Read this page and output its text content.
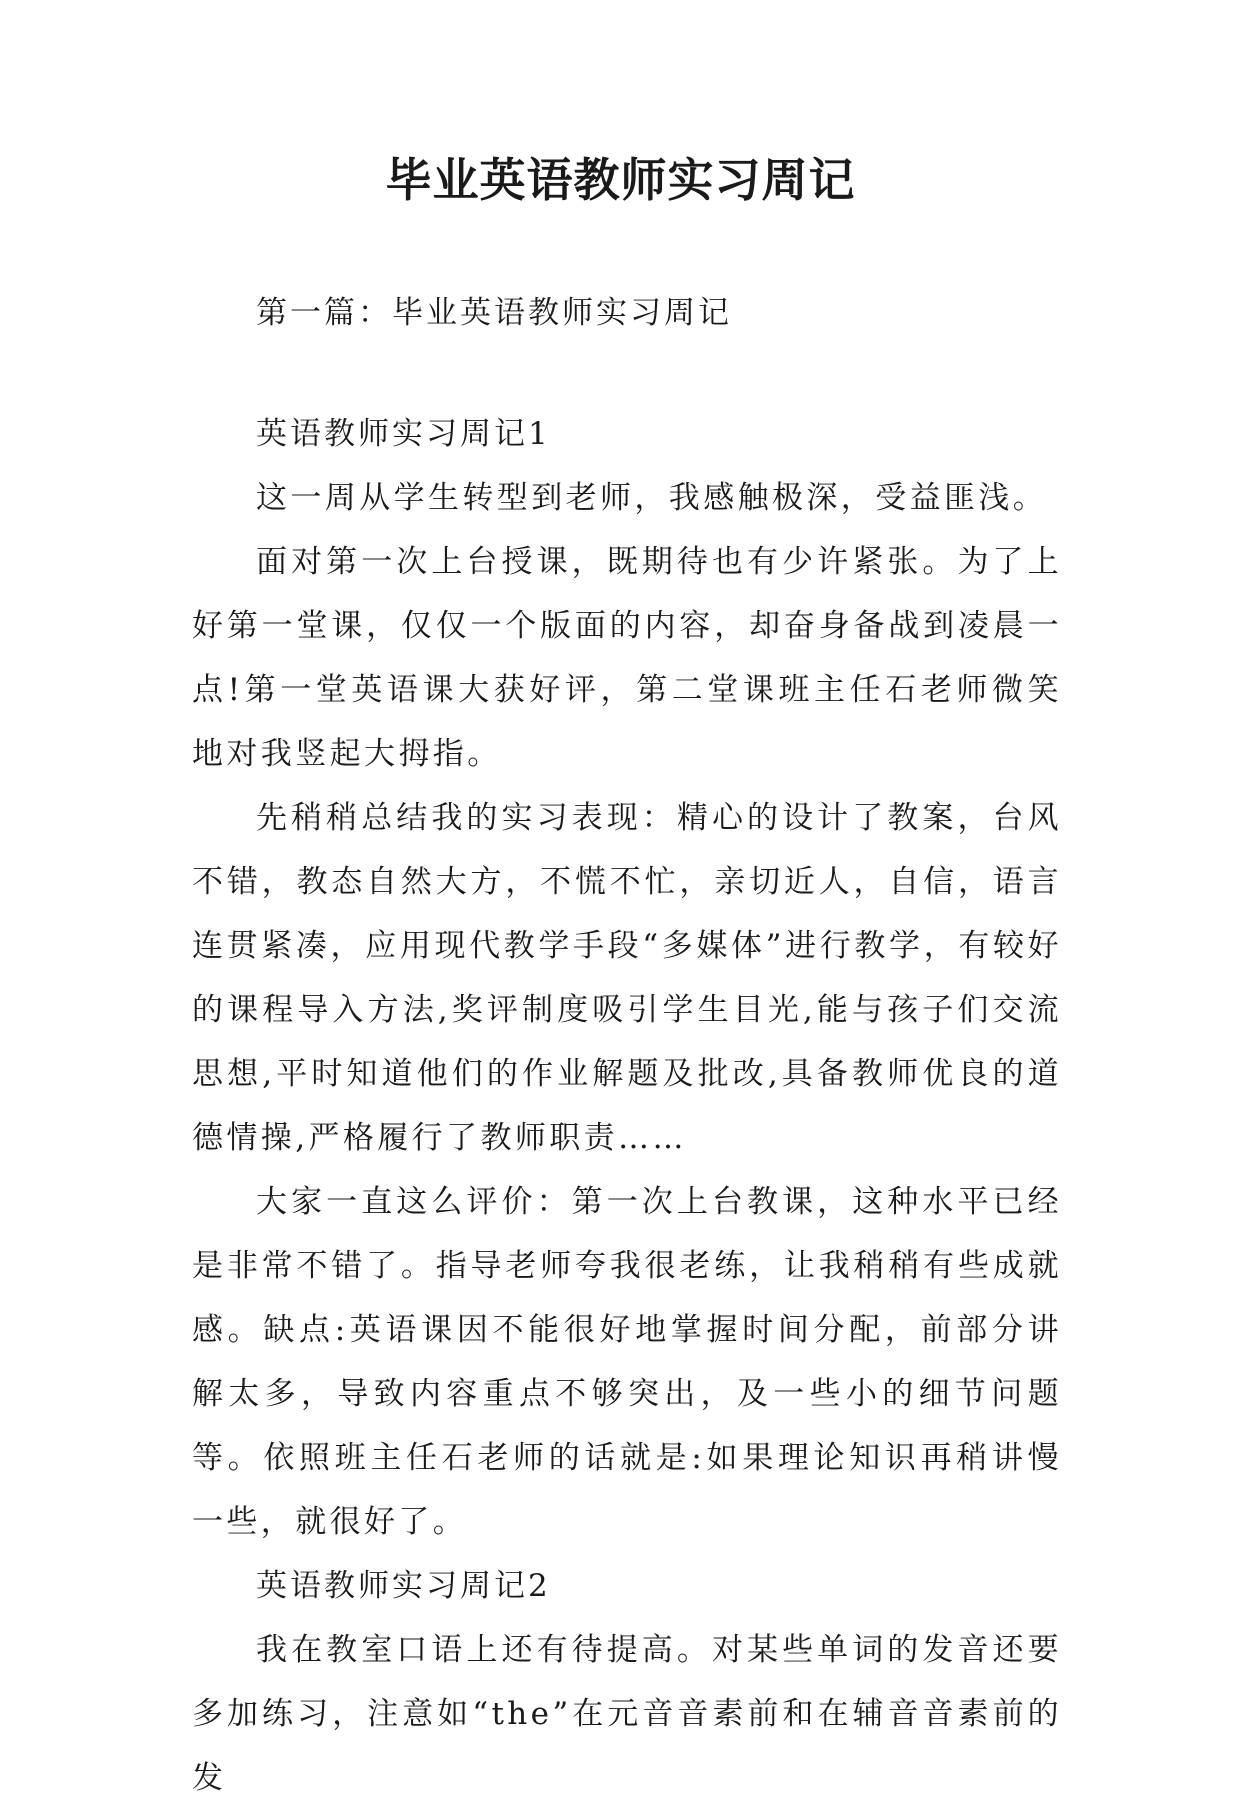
毕业英语教师实习周记
第一篇：毕业英语教师实习周记

英语教师实习周记1

这一周从学生转型到老师，我感触极深，受益匪浅。

面对第一次上台授课，既期待也有少许紧张。为了上好第一堂课，仅仅一个版面的内容，却奋身备战到凌晨一点!第一堂英语课大获好评，第二堂课班主任石老师微笑地对我竖起大拇指。

先稍稍总结我的实习表现：精心的设计了教案，台风不错，教态自然大方，不慌不忙，亲切近人，自信，语言连贯紧凑，应用现代教学手段“多媒体”进行教学，有较好的课程导入方法,奖评制度吸引学生目光,能与孩子们交流思想,平时知道他们的作业解题及批改,具备教师优良的道德情操,严格履行了教师职责……

大家一直这么评价：第一次上台教课，这种水平已经是非常不错了。指导老师夸我很老练，让我稍稍有些成就感。缺点:英语课因不能很好地掌握时间分配，前部分讲解太多，导致内容重点不够突出，及一些小的细节问题等。依照班主任石老师的话就是:如果理论知识再稍讲慢一些，就很好了。

英语教师实习周记2

我在教室口语上还有待提高。对某些单词的发音还要多加练习，注意如“the”在元音音素前和在辅音音素前的发
